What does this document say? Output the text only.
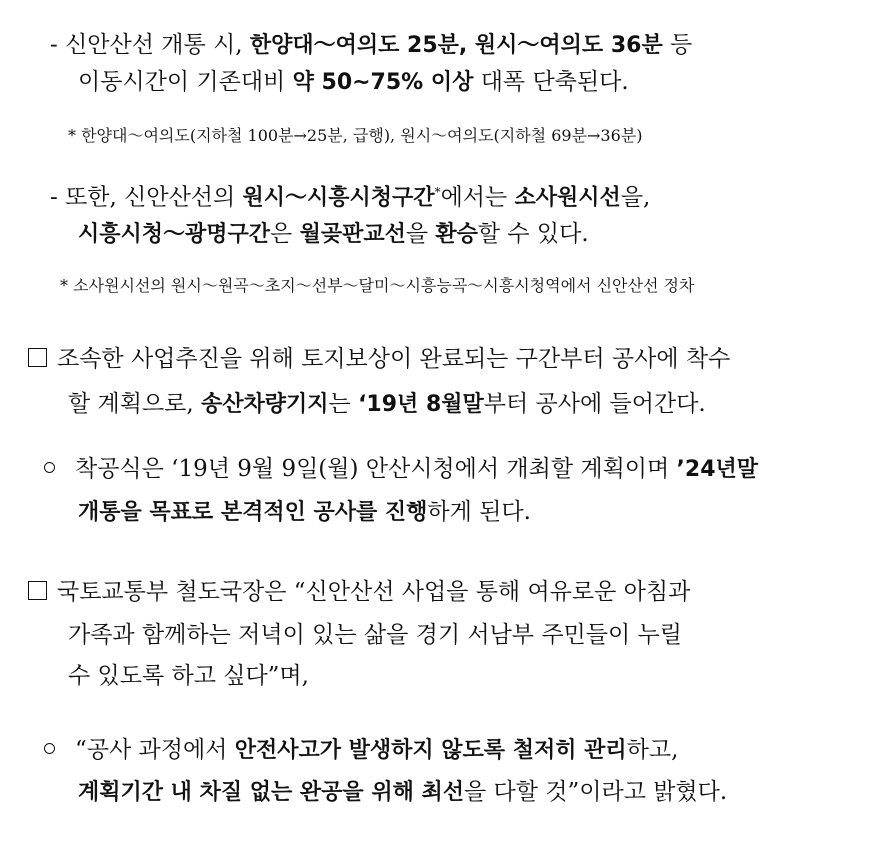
- 신안산선 개통 시, 한양대～여의도 25분, 원시～여의도 36분 등
이동시간이 기존대비 약 50~75% 이상 대폭 단축된다.
* 한양대～여의도(지하철 100분→25분, 급행), 원시～여의도(지하철 69분→36분)
- 또한, 신안산선의 원시～시흥시청구간*에서는 소사원시선을,
시흥시청～광명구간은 월곶판교선을 환승할 수 있다.
* 소사원시선의 원시～원곡～초지～선부～달미～시흥능곡～시흥시청역에서 신안산선 정차
조속한 사업추진을 위해 토지보상이 완료되는 구간부터 공사에 착수
할 계획으로, 송산차량기지는 ‘19년 8월말부터 공사에 들어간다.
착공식은 ‘19년 9월 9일(월) 안산시청에서 개최할 계획이며 ’24년말
개통을 목표로 본격적인 공사를 진행하게 된다.
국토교통부 철도국장은 “신안산선 사업을 통해 여유로운 아침과
가족과 함께하는 저녁이 있는 삶을 경기 서남부 주민들이 누릴
수 있도록 하고 싶다”며,
“공사 과정에서 안전사고가 발생하지 않도록 철저히 관리하고,
계획기간 내 차질 없는 완공을 위해 최선을 다할 것”이라고 밝혔다.
